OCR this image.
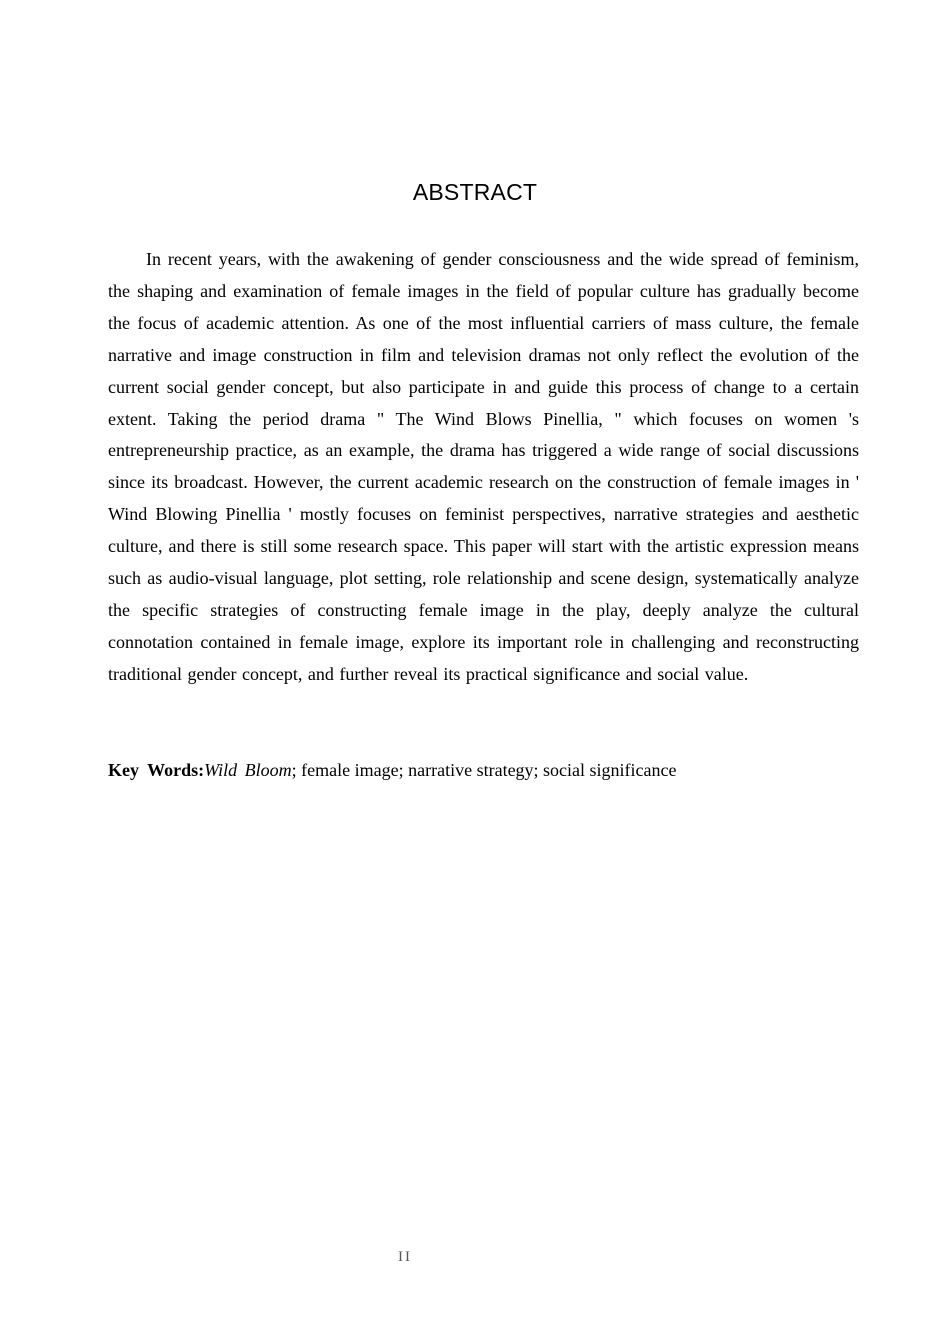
ABSTRACT

In recent years, with the awakening of gender consciousness and the wide spread of feminism, the shaping and examination of female images in the field of popular culture has gradually become the focus of academic attention. As one of the most influential carriers of mass culture, the female narrative and image construction in film and television dramas not only reflect the evolution of the current social gender concept, but also participate in and guide this process of change to a certain extent. Taking the period drama " The Wind Blows Pinellia, " which focuses on women 's entrepreneurship practice, as an example, the drama has triggered a wide range of social discussions since its broadcast. However, the current academic research on the construction of female images in ' Wind Blowing Pinellia ' mostly focuses on feminist perspectives, narrative strategies and aesthetic culture, and there is still some research space. This paper will start with the artistic expression means such as audio-visual language, plot setting, role relationship and scene design, systematically analyze the specific strategies of constructing female image in the play, deeply analyze the cultural connotation contained in female image, explore its important role in challenging and reconstructing traditional gender concept, and further reveal its practical significance and social value.

Key Words:Wild Bloom; female image; narrative strategy; social significance

II
